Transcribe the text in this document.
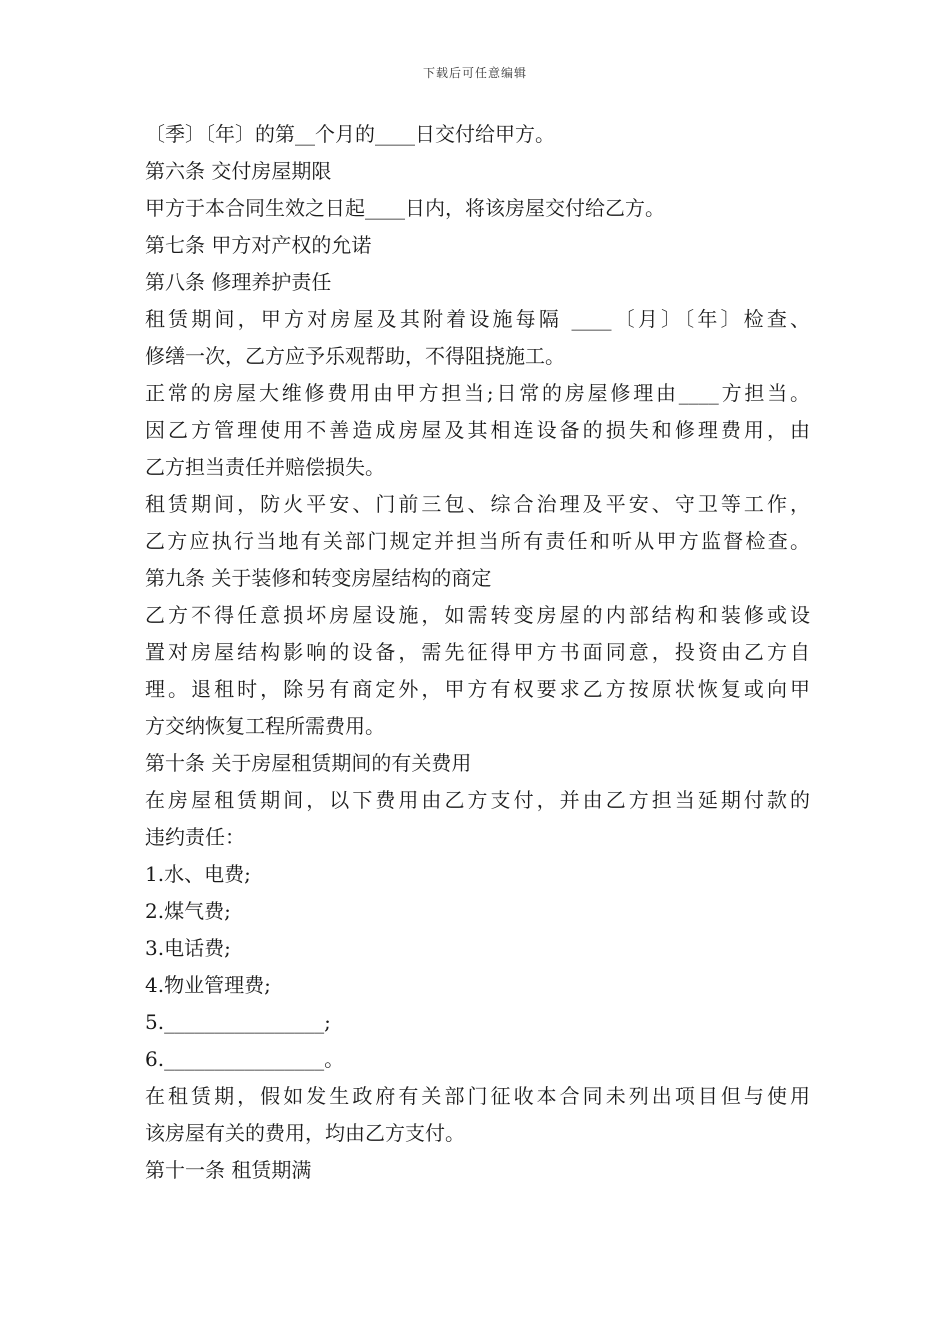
下载后可任意编辑
〔季〕〔年〕的第__个月的____日交付给甲方。
第六条 交付房屋期限
甲方于本合同生效之日起____日内，将该房屋交付给乙方。
第七条 甲方对产权的允诺
第八条 修理养护责任
租赁期间，甲方对房屋及其附着设施每隔 ____〔月〕〔年〕检查、
修缮一次，乙方应予乐观帮助，不得阻挠施工。
正常的房屋大维修费用由甲方担当;日常的房屋修理由____方担当。
因乙方管理使用不善造成房屋及其相连设备的损失和修理费用，由
乙方担当责任并赔偿损失。
租赁期间，防火平安、门前三包、综合治理及平安、守卫等工作，
乙方应执行当地有关部门规定并担当所有责任和听从甲方监督检查。
第九条 关于装修和转变房屋结构的商定
乙方不得任意损坏房屋设施，如需转变房屋的内部结构和装修或设
置对房屋结构影响的设备，需先征得甲方书面同意，投资由乙方自
理。退租时，除另有商定外，甲方有权要求乙方按原状恢复或向甲
方交纳恢复工程所需费用。
第十条 关于房屋租赁期间的有关费用
在房屋租赁期间，以下费用由乙方支付，并由乙方担当延期付款的
违约责任：
1.水、电费;
2.煤气费;
3.电话费;
4.物业管理费;
5.________________;
6.________________。
在租赁期，假如发生政府有关部门征收本合同未列出项目但与使用
该房屋有关的费用，均由乙方支付。
第十一条 租赁期满
